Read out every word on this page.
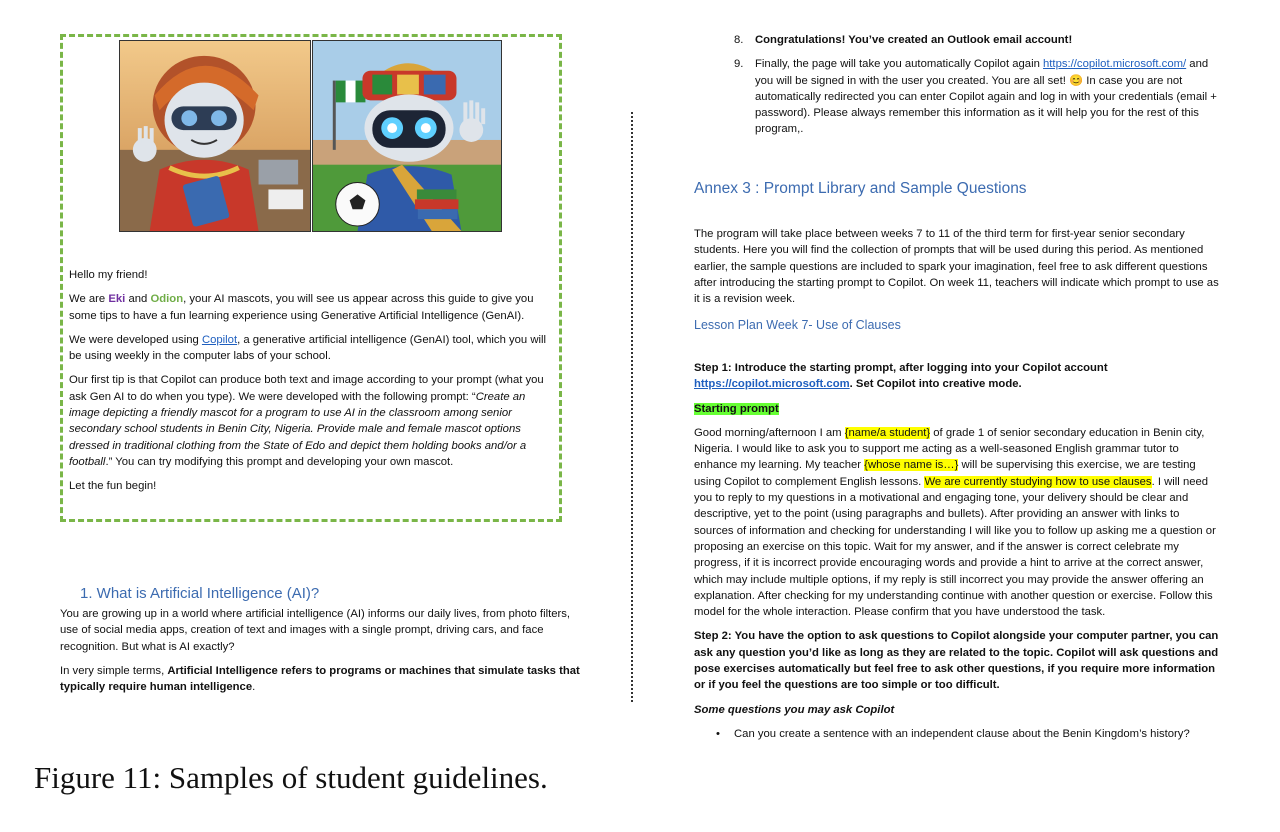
Hello my friend!

We are Eki and Odion, your AI mascots, you will see us appear across this guide to give you some tips to have a fun learning experience using Generative Artificial Intelligence (GenAI).

We were developed using Copilot, a generative artificial intelligence (GenAI) tool, which you will be using weekly in the computer labs of your school.

Our first tip is that Copilot can produce both text and image according to your prompt (what you ask Gen AI to do when you type). We were developed with the following prompt: “Create an image depicting a friendly mascot for a program to use AI in the classroom among senior secondary school students in Benin City, Nigeria. Provide male and female mascot options dressed in traditional clothing from the State of Edo and depict them holding books and/or a football.” You can try modifying this prompt and developing your own mascot.

Let the fun begin!

1. What is Artificial Intelligence (AI)?

You are growing up in a world where artificial intelligence (AI) informs our daily lives, from photo filters, use of social media apps, creation of text and images with a single prompt, driving cars, and face recognition. But what is AI exactly?

In very simple terms, Artificial Intelligence refers to programs or machines that simulate tasks that typically require human intelligence.

8. Congratulations! You’ve created an Outlook email account!
9. Finally, the page will take you automatically Copilot again https://copilot.microsoft.com/ and you will be signed in with the user you created. You are all set! 😊 In case you are not automatically redirected you can enter Copilot again and log in with your credentials (email + password). Please always remember this information as it will help you for the rest of this program,.
Annex 3 : Prompt Library and Sample Questions
The program will take place between weeks 7 to 11 of the third term for first-year senior secondary students. Here you will find the collection of prompts that will be used during this period. As mentioned earlier, the sample questions are included to spark your imagination, feel free to ask different questions after introducing the starting prompt to Copilot. On week 11, teachers will indicate which prompt to use as it is a revision week.
Lesson Plan Week 7- Use of Clauses

Step 1: Introduce the starting prompt, after logging into your Copilot account https://copilot.microsoft.com. Set Copilot into creative mode.

Starting prompt

Good morning/afternoon I am {name/a student} of grade 1 of senior secondary education in Benin city, Nigeria. I would like to ask you to support me acting as a well-seasoned English grammar tutor to enhance my learning. My teacher {whose name is…} will be supervising this exercise, we are testing using Copilot to complement English lessons. We are currently studying how to use clauses. I will need you to reply to my questions in a motivational and engaging tone, your delivery should be clear and descriptive, yet to the point (using paragraphs and bullets). After providing an answer with links to sources of information and checking for understanding I will like you to follow up asking me a question or proposing an exercise on this topic. Wait for my answer, and if the answer is correct celebrate my progress, if it is incorrect provide encouraging words and provide a hint to arrive at the correct answer, which may include multiple options, if my reply is still incorrect you may provide the answer offering an explanation. After checking for my understanding continue with another question or exercise. Follow this model for the whole interaction. Please confirm that you have understood the task.

Step 2: You have the option to ask questions to Copilot alongside your computer partner, you can ask any question you’d like as long as they are related to the topic. Copilot will ask questions and pose exercises automatically but feel free to ask other questions, if you require more information or if you feel the questions are too simple or too difficult.

Some questions you may ask Copilot

• Can you create a sentence with an independent clause about the Benin Kingdom’s history?
Figure 11: Samples of student guidelines.
